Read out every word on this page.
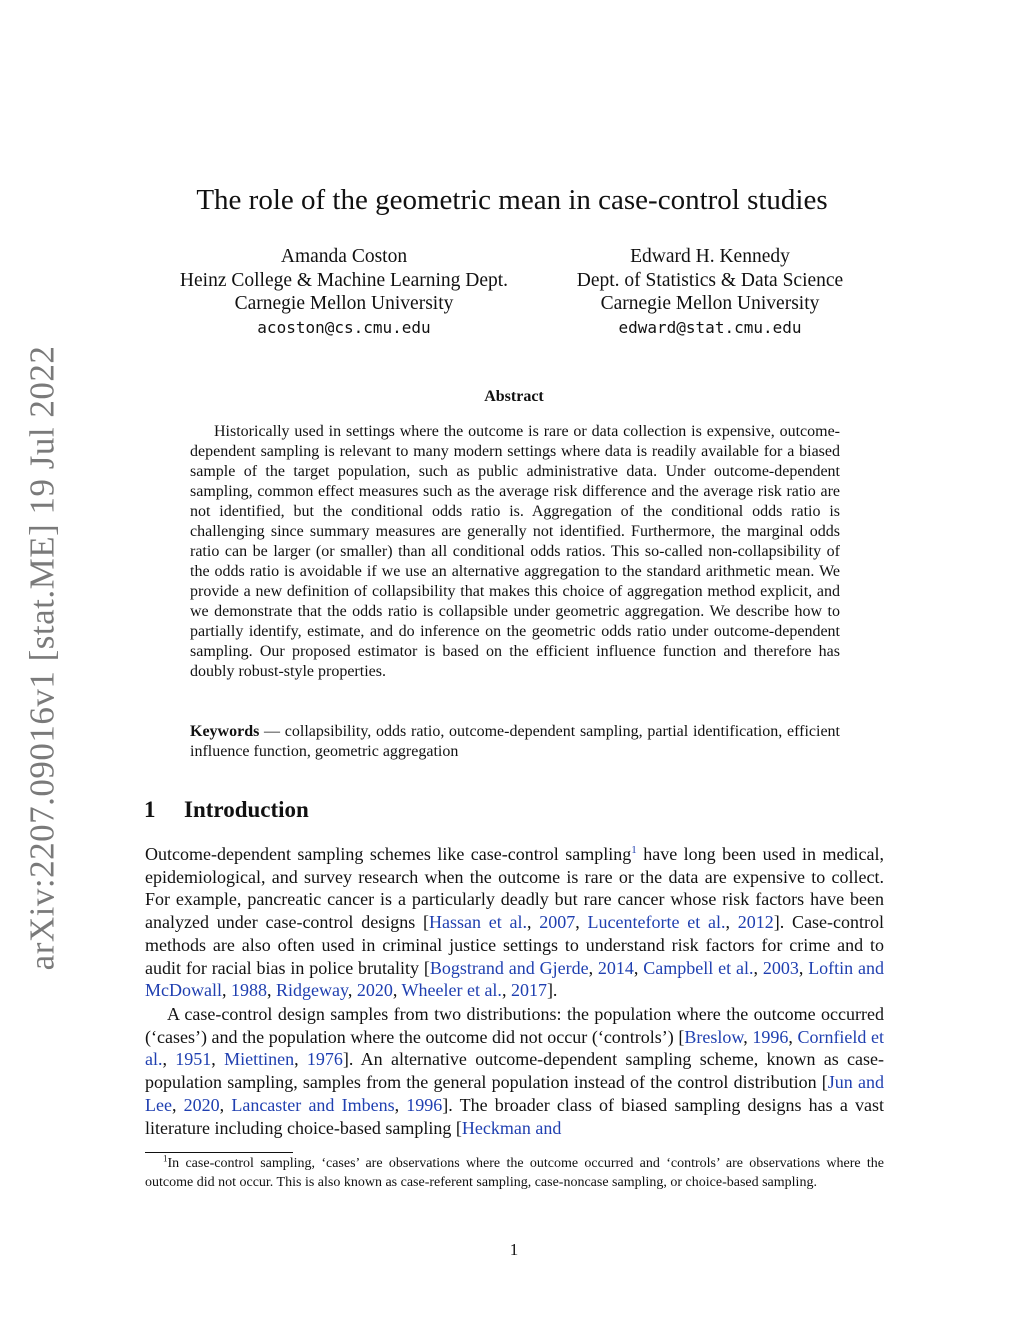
arXiv:2207.09016v1 [stat.ME] 19 Jul 2022
The role of the geometric mean in case-control studies
Amanda Coston
Heinz College & Machine Learning Dept.
Carnegie Mellon University
acoston@cs.cmu.edu
Edward H. Kennedy
Dept. of Statistics & Data Science
Carnegie Mellon University
edward@stat.cmu.edu
Abstract

Historically used in settings where the outcome is rare or data collection is expensive, outcome-dependent sampling is relevant to many modern settings where data is readily available for a biased sample of the target population, such as public administrative data. Under outcome-dependent sampling, common effect measures such as the average risk difference and the average risk ratio are not identified, but the conditional odds ratio is. Aggregation of the conditional odds ratio is challenging since summary measures are generally not identified. Furthermore, the marginal odds ratio can be larger (or smaller) than all conditional odds ratios. This so-called non-collapsibility of the odds ratio is avoidable if we use an alternative aggregation to the standard arithmetic mean. We provide a new definition of collapsibility that makes this choice of aggregation method explicit, and we demonstrate that the odds ratio is collapsible under geometric aggregation. We describe how to partially identify, estimate, and do inference on the geometric odds ratio under outcome-dependent sampling. Our proposed estimator is based on the efficient influence function and therefore has doubly robust-style properties.

Keywords — collapsibility, odds ratio, outcome-dependent sampling, partial identification, efficient influence function, geometric aggregation

1 Introduction

Outcome-dependent sampling schemes like case-control sampling$^1$ have long been used in medical, epidemiological, and survey research when the outcome is rare or the data are expensive to collect. For example, pancreatic cancer is a particularly deadly but rare cancer whose risk factors have been analyzed under case-control designs [Hassan et al., 2007, Lucenteforte et al., 2012]. Case-control methods are also often used in criminal justice settings to understand risk factors for crime and to audit for racial bias in police brutality [Bogstrand and Gjerde, 2014, Campbell et al., 2003, Loftin and McDowall, 1988, Ridgeway, 2020, Wheeler et al., 2017].

A case-control design samples from two distributions: the population where the outcome occurred (‘cases’) and the population where the outcome did not occur (‘controls’) [Breslow, 1996, Cornfield et al., 1951, Miettinen, 1976]. An alternative outcome-dependent sampling scheme, known as case-population sampling, samples from the general population instead of the control distribution [Jun and Lee, 2020, Lancaster and Imbens, 1996]. The broader class of biased sampling designs has a vast literature including choice-based sampling [Heckman and

$^1$In case-control sampling, ‘cases’ are observations where the outcome occurred and ‘controls’ are observations where the outcome did not occur. This is also known as case-referent sampling, case-noncase sampling, or choice-based sampling.

1
